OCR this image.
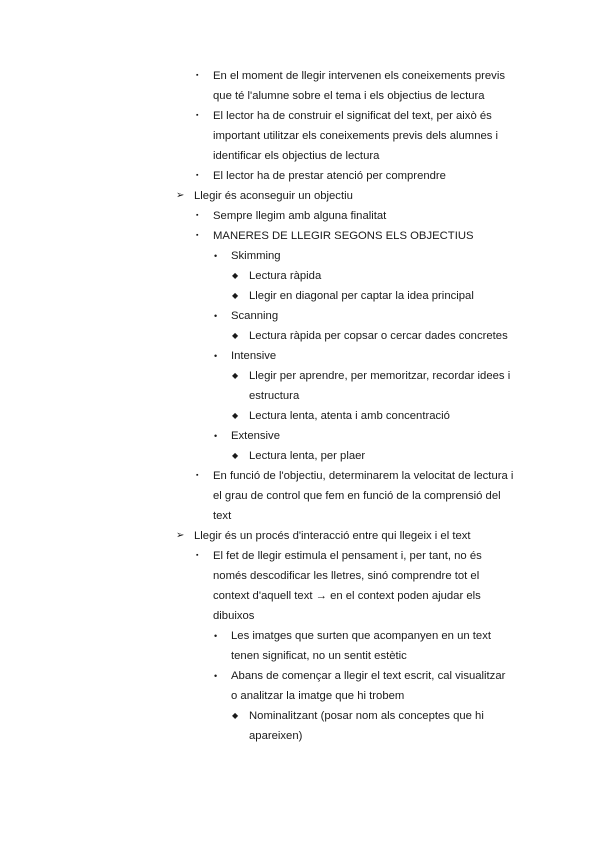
▪ En el moment de llegir intervenen els coneixements previs
que té l'alumne sobre el tema i els objectius de lectura
▪ El lector ha de construir el significat del text, per això és
important utilitzar els coneixements previs dels alumnes i
identificar els objectius de lectura
▪ El lector ha de prestar atenció per comprendre
➢ Llegir és aconseguir un objectiu
▪ Sempre llegim amb alguna finalitat
▪ MANERES DE LLEGIR SEGONS ELS OBJECTIUS
• Skimming
◆ Lectura ràpida
◆ Llegir en diagonal per captar la idea principal
• Scanning
◆ Lectura ràpida per copsar o cercar dades concretes
• Intensive
◆ Llegir per aprendre, per memoritzar, recordar idees i
estructura
◆ Lectura lenta, atenta i amb concentració
• Extensive
◆ Lectura lenta, per plaer
▪ En funció de l'objectiu, determinarem la velocitat de lectura i
el grau de control que fem en funció de la comprensió del
text
➢ Llegir és un procés d'interacció entre qui llegeix i el text
▪ El fet de llegir estimula el pensament i, per tant, no és
només descodificar les lletres, sinó comprendre tot el
context d'aquell text → en el context poden ajudar els
dibuixos
• Les imatges que surten que acompanyen en un text
tenen significat, no un sentit estètic
• Abans de començar a llegir el text escrit, cal visualitzar
o analitzar la imatge que hi trobem
◆ Nominalitzant (posar nom als conceptes que hi
apareixen)
